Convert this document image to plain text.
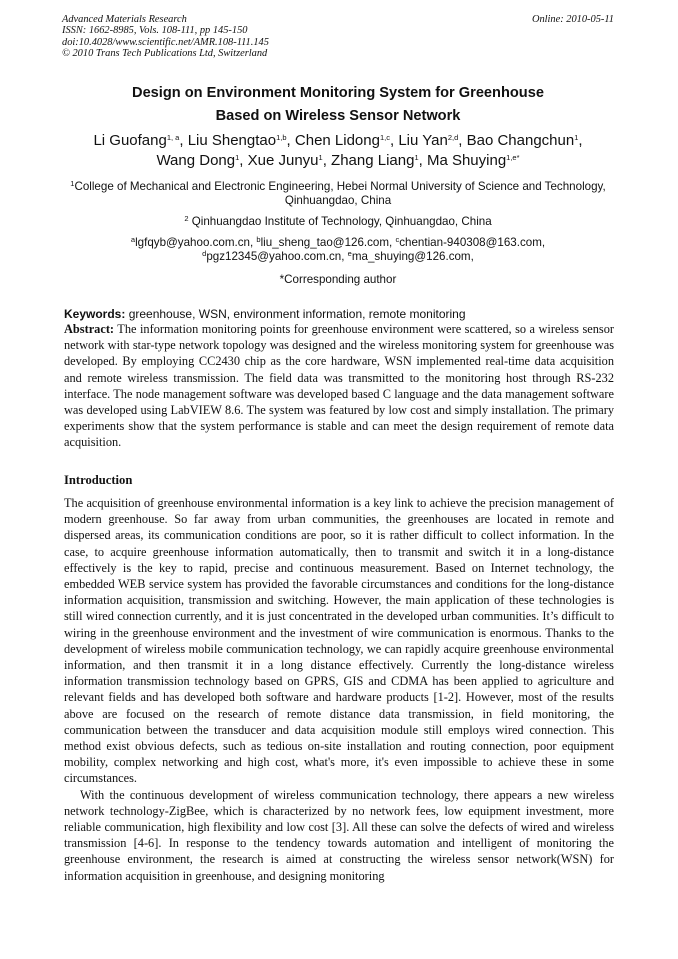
Advanced Materials Research
ISSN: 1662-8985, Vols. 108-111, pp 145-150
doi:10.4028/www.scientific.net/AMR.108-111.145
© 2010 Trans Tech Publications Ltd, Switzerland
Online: 2010-05-11
Design on Environment Monitoring System for Greenhouse
Based on Wireless Sensor Network
Li Guofang$^{1, a}$, Liu Shengtao$^{1,b}$, Chen Lidong$^{1,c}$, Liu Yan$^{2,d}$, Bao Changchun$^1$,
Wang Dong$^1$, Xue Junyu$^1$, Zhang Liang$^1$, Ma Shuying$^{1,e*}$
$^1$College of Mechanical and Electronic Engineering, Hebei Normal University of Science and Technology, Qinhuangdao, China
$^2$ Qinhuangdao Institute of Technology, Qinhuangdao, China
$^a$lgfqyb@yahoo.com.cn, $^b$liu_sheng_tao@126.com, $^c$chentian-940308@163.com,
$^d$pgz12345@yahoo.com.cn, $^e$ma_shuying@126.com,
*Corresponding author
Keywords: greenhouse, WSN, environment information, remote monitoring
Abstract: The information monitoring points for greenhouse environment were scattered, so a wireless sensor network with star-type network topology was designed and the wireless monitoring system for greenhouse was developed. By employing CC2430 chip as the core hardware, WSN implemented real-time data acquisition and remote wireless transmission. The field data was transmitted to the monitoring host through RS-232 interface. The node management software was developed based C language and the data management software was developed using LabVIEW 8.6. The system was featured by low cost and simply installation. The primary experiments show that the system performance is stable and can meet the design requirement of remote data acquisition.
Introduction

The acquisition of greenhouse environmental information is a key link to achieve the precision management of modern greenhouse. So far away from urban communities, the greenhouses are located in remote and dispersed areas, its communication conditions are poor, so it is rather difficult to collect information. In the case, to acquire greenhouse information automatically, then to transmit and switch it in a long-distance effectively is the key to rapid, precise and continuous measurement. Based on Internet technology, the embedded WEB service system has provided the favorable circumstances and conditions for the long-distance information acquisition, transmission and switching. However, the main application of these technologies is still wired connection currently, and it is just concentrated in the developed urban communities. It’s difficult to wiring in the greenhouse environment and the investment of wire communication is enormous. Thanks to the development of wireless mobile communication technology, we can rapidly acquire greenhouse environmental information, and then transmit it in a long distance effectively. Currently the long-distance wireless information transmission technology based on GPRS, GIS and CDMA has been applied to agriculture and relevant fields and has developed both software and hardware products [1-2]. However, most of the results above are focused on the research of remote distance data transmission, in field monitoring, the communication between the transducer and data acquisition module still employs wired connection. This method exist obvious defects, such as tedious on-site installation and routing connection, poor equipment mobility, complex networking and high cost, what's more, it's even impossible to achieve these in some circumstances.

With the continuous development of wireless communication technology, there appears a new wireless network technology-ZigBee, which is characterized by no network fees, low equipment investment, more reliable communication, high flexibility and low cost [3]. All these can solve the defects of wired and wireless transmission [4-6]. In response to the tendency towards automation and intelligent of monitoring the greenhouse environment, the research is aimed at constructing the wireless sensor network(WSN) for information acquisition in greenhouse, and designing monitoring
